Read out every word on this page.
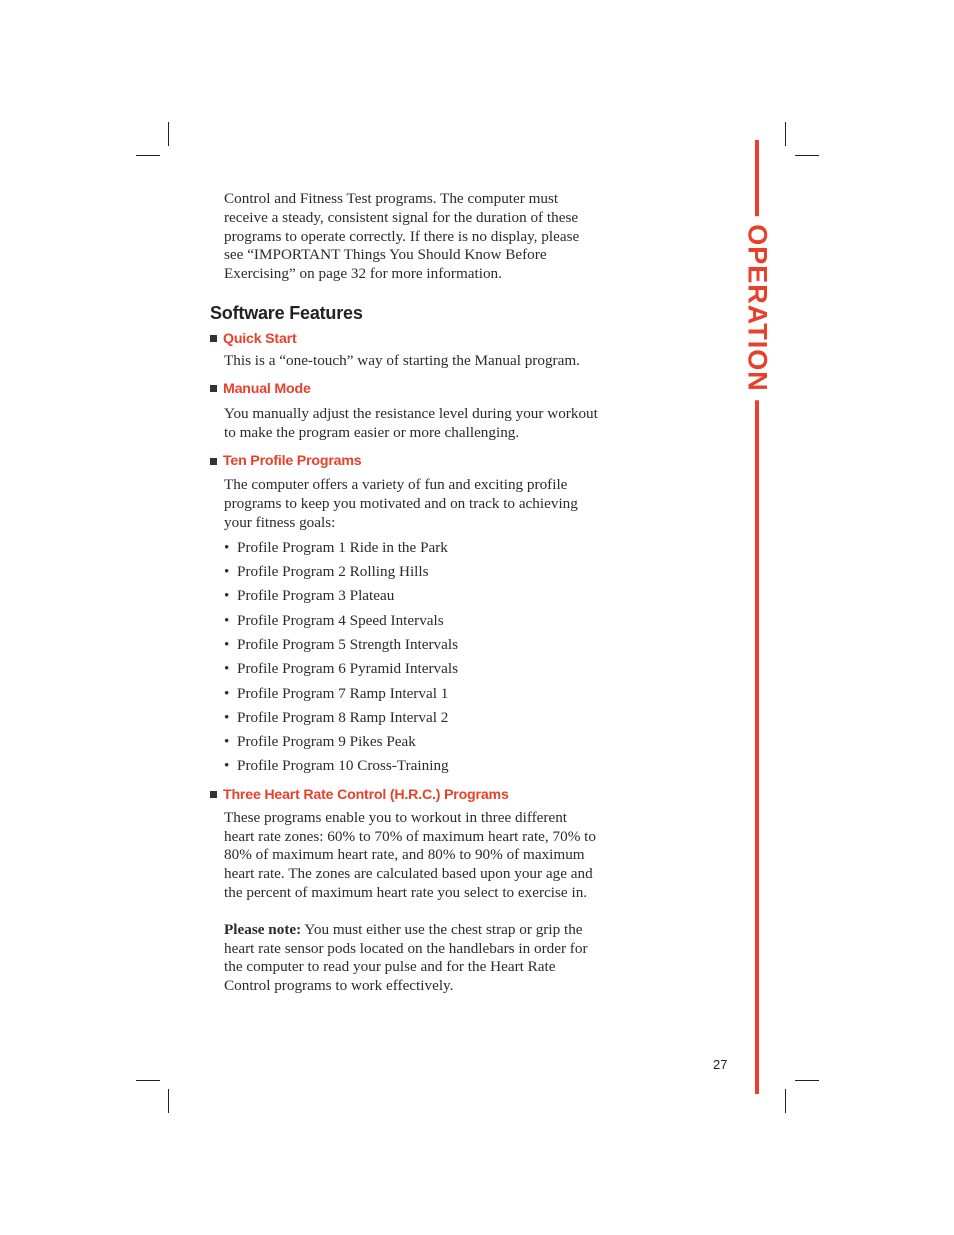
OPERATION

Control and Fitness Test programs. The computer must receive a steady, consistent signal for the duration of these programs to operate correctly. If there is no display, please see “IMPORTANT Things You Should Know Before Exercising” on page 32 for more information.

Software Features
Quick Start

This is a “one-touch” way of starting the Manual program.

Manual Mode

You manually adjust the resistance level during your workout to make the program easier or more challenging.

Ten Profile Programs

The computer offers a variety of fun and exciting profile programs to keep you motivated and on track to achieving your fitness goals:

• Profile Program 1 Ride in the Park
• Profile Program 2 Rolling Hills
• Profile Program 3 Plateau
• Profile Program 4 Speed Intervals
• Profile Program 5 Strength Intervals
• Profile Program 6 Pyramid Intervals
• Profile Program 7 Ramp Interval 1
• Profile Program 8 Ramp Interval 2
• Profile Program 9 Pikes Peak
• Profile Program 10 Cross-Training
Three Heart Rate Control (H.R.C.) Programs

These programs enable you to workout in three different heart rate zones: 60% to 70% of maximum heart rate, 70% to 80% of maximum heart rate, and 80% to 90% of maximum heart rate. The zones are calculated based upon your age and the percent of maximum heart rate you select to exercise in.

Please note: You must either use the chest strap or grip the heart rate sensor pods located on the handlebars in order for the computer to read your pulse and for the Heart Rate Control programs to work effectively.

27
